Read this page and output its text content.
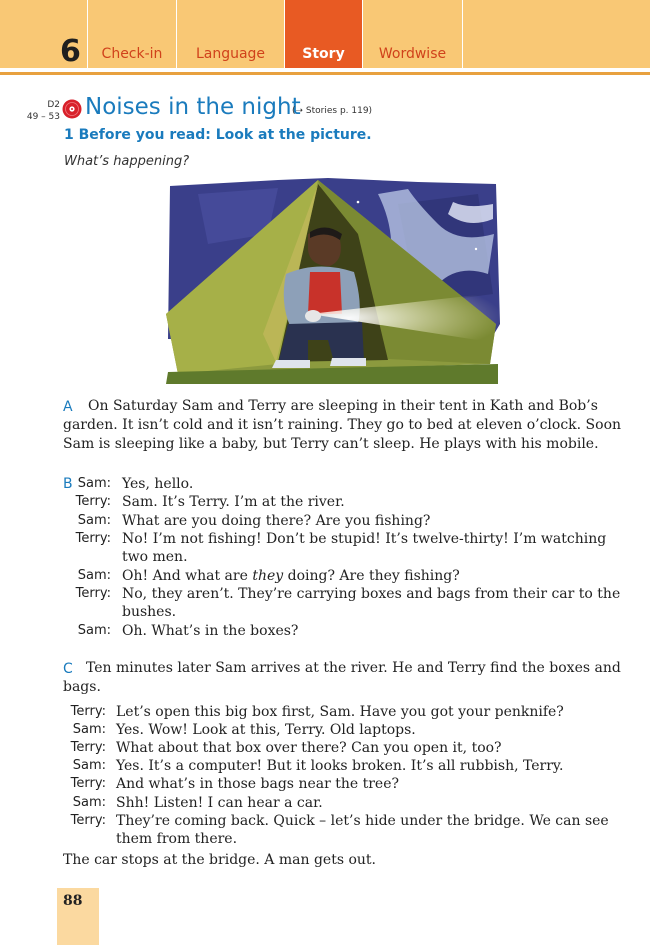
6	Check-in	Language	Story	Wordwise
D2
49 – 53 Noises in the night
(➝ Stories p. 119)
1 Before you read: Look at the picture.
What’s happening?
A On Saturday Sam and Terry are sleeping in their tent in Kath and Bob’s
garden. It isn’t cold and it isn’t raining. They go to bed at eleven o’clock. Soon
Sam is sleeping like a baby, but Terry can’t sleep. He plays with his mobile.
B Sam: Yes, hello.
Terry: Sam. It’s Terry. I’m at the river.
Sam: What are you doing there? Are you fishing?
Terry: No! I’m not fishing! Don’t be stupid! It’s twelve-thirty! I’m watching
two men.
Sam: Oh! And what are they doing? Are they fishing?
Terry: No, they aren’t. They’re carrying boxes and bags from their car to the
bushes.
Sam: Oh. What’s in the boxes?
C Ten minutes later Sam arrives at the river. He and Terry find the boxes and
bags.
Terry: Let’s open this big box first, Sam. Have you got your penknife?
Sam: Yes. Wow! Look at this, Terry. Old laptops.
Terry: What about that box over there? Can you open it, too?
Sam: Yes. It’s a computer! But it looks broken. It’s all rubbish, Terry.
Terry: And what’s in those bags near the tree?
Sam: Shh! Listen! I can hear a car.
Terry: They’re coming back. Quick – let’s hide under the bridge. We can see
them from there.
The car stops at the bridge. A man gets out.
88
